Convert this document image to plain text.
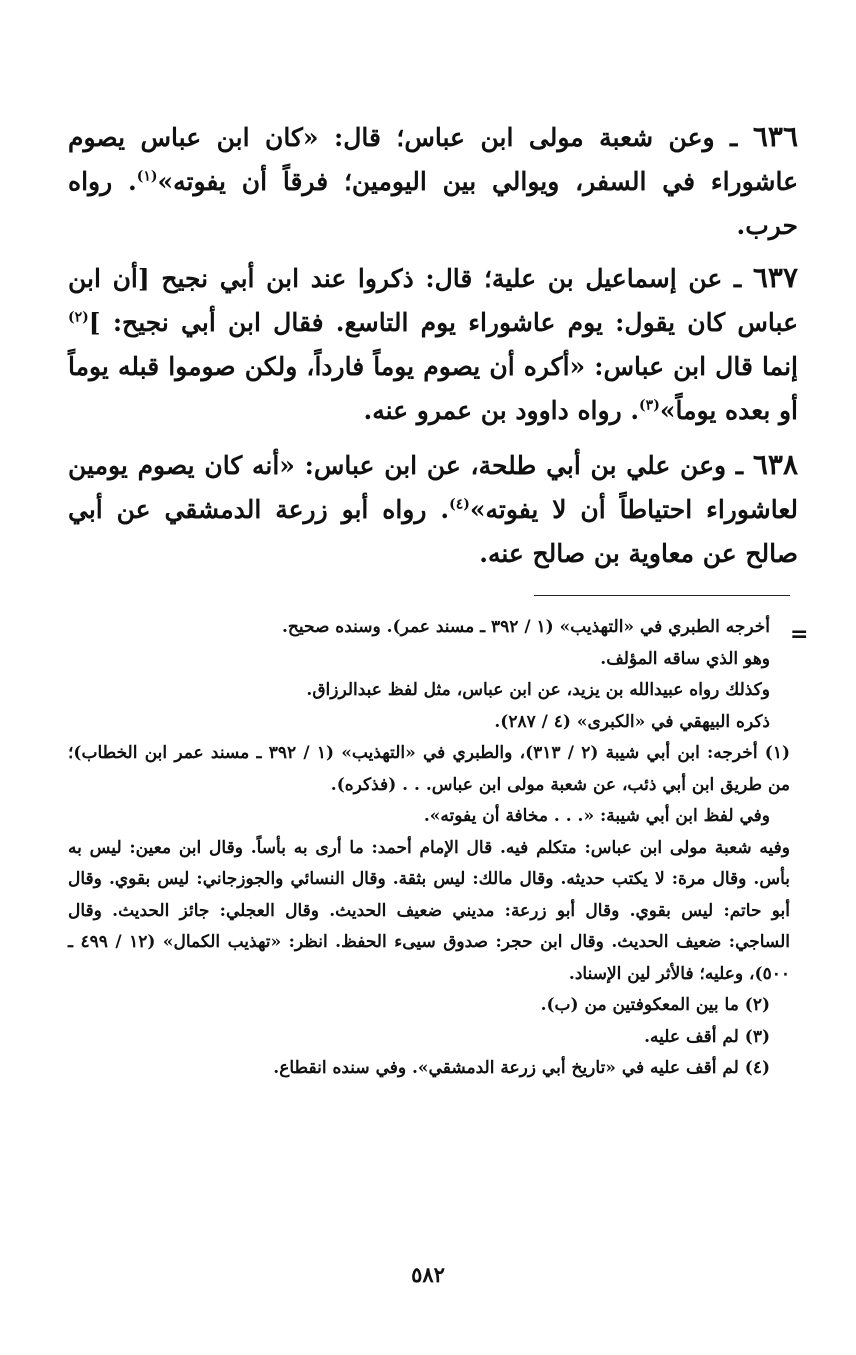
٦٣٦ ـ وعن شعبة مولى ابن عباس؛ قال: «كان ابن عباس يصوم عاشوراء في السفر، ويوالي بين اليومين؛ فرقاً أن يفوته»$^{(١)}$. رواه حرب.

٦٣٧ ـ عن إسماعيل بن علية؛ قال: ذكروا عند ابن أبي نجيح [أن ابن عباس كان يقول: يوم عاشوراء يوم التاسع. فقال ابن أبي نجيح: ]$^{(٢)}$ إنما قال ابن عباس: «أكره أن يصوم يوماً فارداً، ولكن صوموا قبله يوماً أو بعده يوماً»$^{(٣)}$. رواه داوود بن عمرو عنه.

٦٣٨ ـ وعن علي بن أبي طلحة، عن ابن عباس: «أنه كان يصوم يومين لعاشوراء احتياطاً أن لا يفوته»$^{(٤)}$. رواه أبو زرعة الدمشقي عن أبي صالح عن معاوية بن صالح عنه.

=

أخرجه الطبري في «التهذيب» (١ / ٣٩٢ ـ مسند عمر). وسنده صحيح.

وهو الذي ساقه المؤلف.

وكذلك رواه عبيدالله بن يزيد، عن ابن عباس، مثل لفظ عبدالرزاق.

ذكره البيهقي في «الكبرى» (٤ / ٢٨٧).

(١) أخرجه: ابن أبي شيبة (٢ / ٣١٣)، والطبري في «التهذيب» (١ / ٣٩٢ ـ مسند عمر ابن الخطاب)؛ من طريق ابن أبي ذئب، عن شعبة مولى ابن عباس. . . (فذكره).

وفي لفظ ابن أبي شيبة: «. . . مخافة أن يفوته».

وفيه شعبة مولى ابن عباس: متكلم فيه. قال الإمام أحمد: ما أرى به بأساً. وقال ابن معين: ليس به بأس. وقال مرة: لا يكتب حديثه. وقال مالك: ليس بثقة. وقال النسائي والجوزجاني: ليس بقوي. وقال أبو حاتم: ليس بقوي. وقال أبو زرعة: مديني ضعيف الحديث. وقال العجلي: جائز الحديث. وقال الساجي: ضعيف الحديث. وقال ابن حجر: صدوق سيىء الحفظ. انظر: «تهذيب الكمال» (١٢ / ٤٩٩ ـ ٥٠٠)، وعليه؛ فالأثر لين الإسناد.

(٢) ما بين المعكوفتين من (ب).

(٣) لم أقف عليه.

(٤) لم أقف عليه في «تاريخ أبي زرعة الدمشقي». وفي سنده انقطاع.

٥٨٢
